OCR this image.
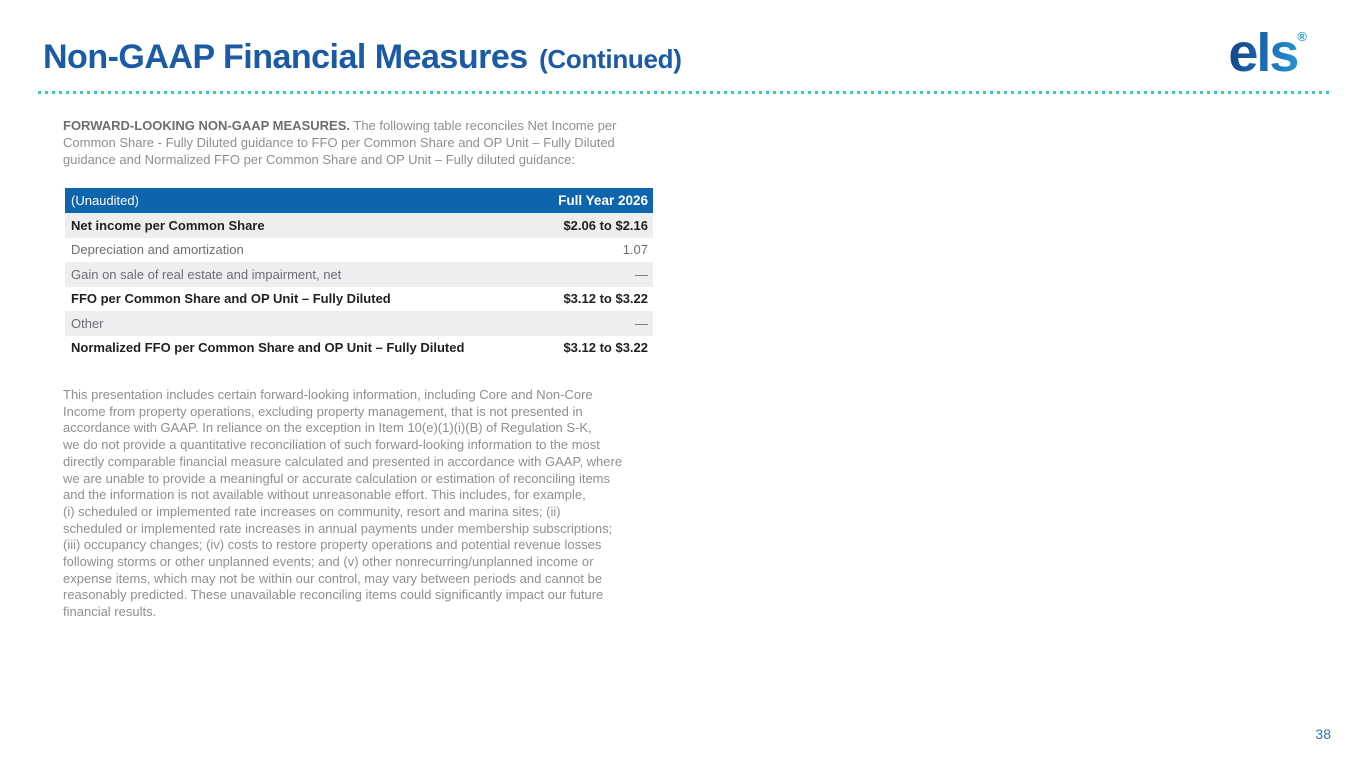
Non-GAAP Financial Measures (Continued)	els®

FORWARD-LOOKING NON-GAAP MEASURES. The following table reconciles Net Income per
Common Share - Fully Diluted guidance to FFO per Common Share and OP Unit – Fully Diluted
guidance and Normalized FFO per Common Share and OP Unit – Fully diluted guidance:

(Unaudited)	Full Year 2026
Net income per Common Share	$2.06 to $2.16
Depreciation and amortization	1.07
Gain on sale of real estate and impairment, net	—
FFO per Common Share and OP Unit – Fully Diluted	$3.12 to $3.22
Other	—
Normalized FFO per Common Share and OP Unit – Fully Diluted	$3.12 to $3.22

This presentation includes certain forward-looking information, including Core and Non-Core
Income from property operations, excluding property management, that is not presented in
accordance with GAAP. In reliance on the exception in Item 10(e)(1)(i)(B) of Regulation S-K,
we do not provide a quantitative reconciliation of such forward-looking information to the most
directly comparable financial measure calculated and presented in accordance with GAAP, where
we are unable to provide a meaningful or accurate calculation or estimation of reconciling items
and the information is not available without unreasonable effort. This includes, for example,
(i) scheduled or implemented rate increases on community, resort and marina sites; (ii)
scheduled or implemented rate increases in annual payments under membership subscriptions;
(iii) occupancy changes; (iv) costs to restore property operations and potential revenue losses
following storms or other unplanned events; and (v) other nonrecurring/unplanned income or
expense items, which may not be within our control, may vary between periods and cannot be
reasonably predicted. These unavailable reconciling items could significantly impact our future
financial results.

38
